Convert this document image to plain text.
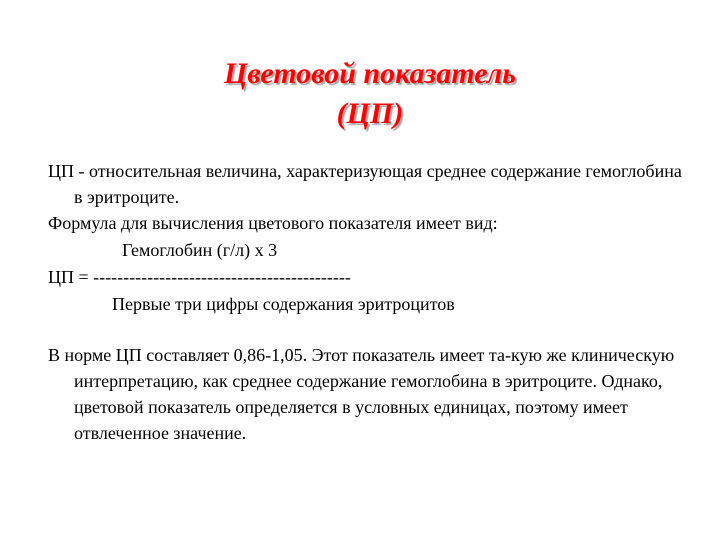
Цветовой показатель
(ЦП)

ЦП - относительная величина, характеризующая среднее содержание гемоглобина в эритроците.

Формула для вычисления цветового показателя имеет вид:

Гемоглобин (г/л) х 3

ЦП = -------------------------------------------

Первые три цифры содержания эритроцитов

В норме ЦП составляет 0,86-1,05. Этот показатель имеет та-кую же клиническую интерпретацию, как среднее содержание гемоглобина в эритроците. Однако, цветовой показатель определяется в условных единицах, поэтому имеет отвлеченное значение.
